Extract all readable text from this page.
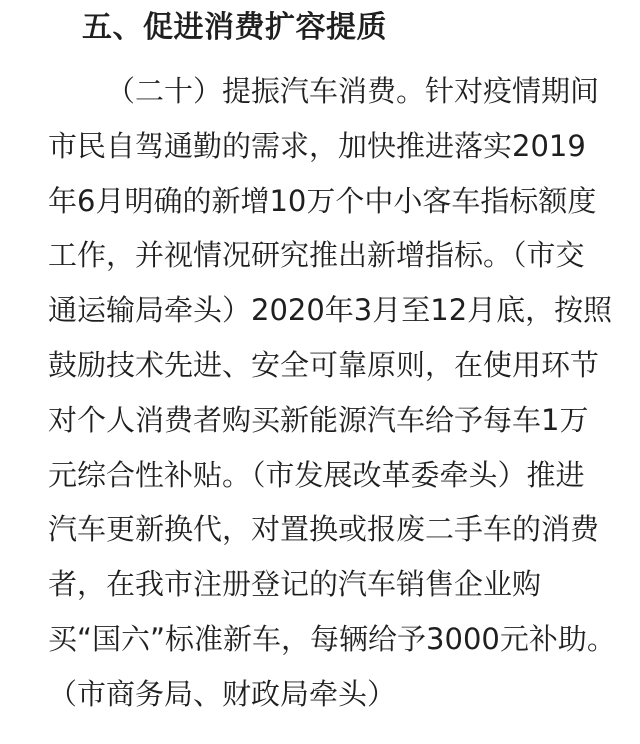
五、促进消费扩容提质
（二十）提振汽车消费。针对疫情期间
市民自驾通勤的需求，加快推进落实2019
年6月明确的新增10万个中小客车指标额度
工作，并视情况研究推出新增指标。（市交
通运输局牵头）2020年3月至12月底，按照
鼓励技术先进、安全可靠原则，在使用环节
对个人消费者购买新能源汽车给予每车1万
元综合性补贴。（市发展改革委牵头）推进
汽车更新换代，对置换或报废二手车的消费
者，在我市注册登记的汽车销售企业购
买“国六”标准新车，每辆给予3000元补助。
（市商务局、财政局牵头）
